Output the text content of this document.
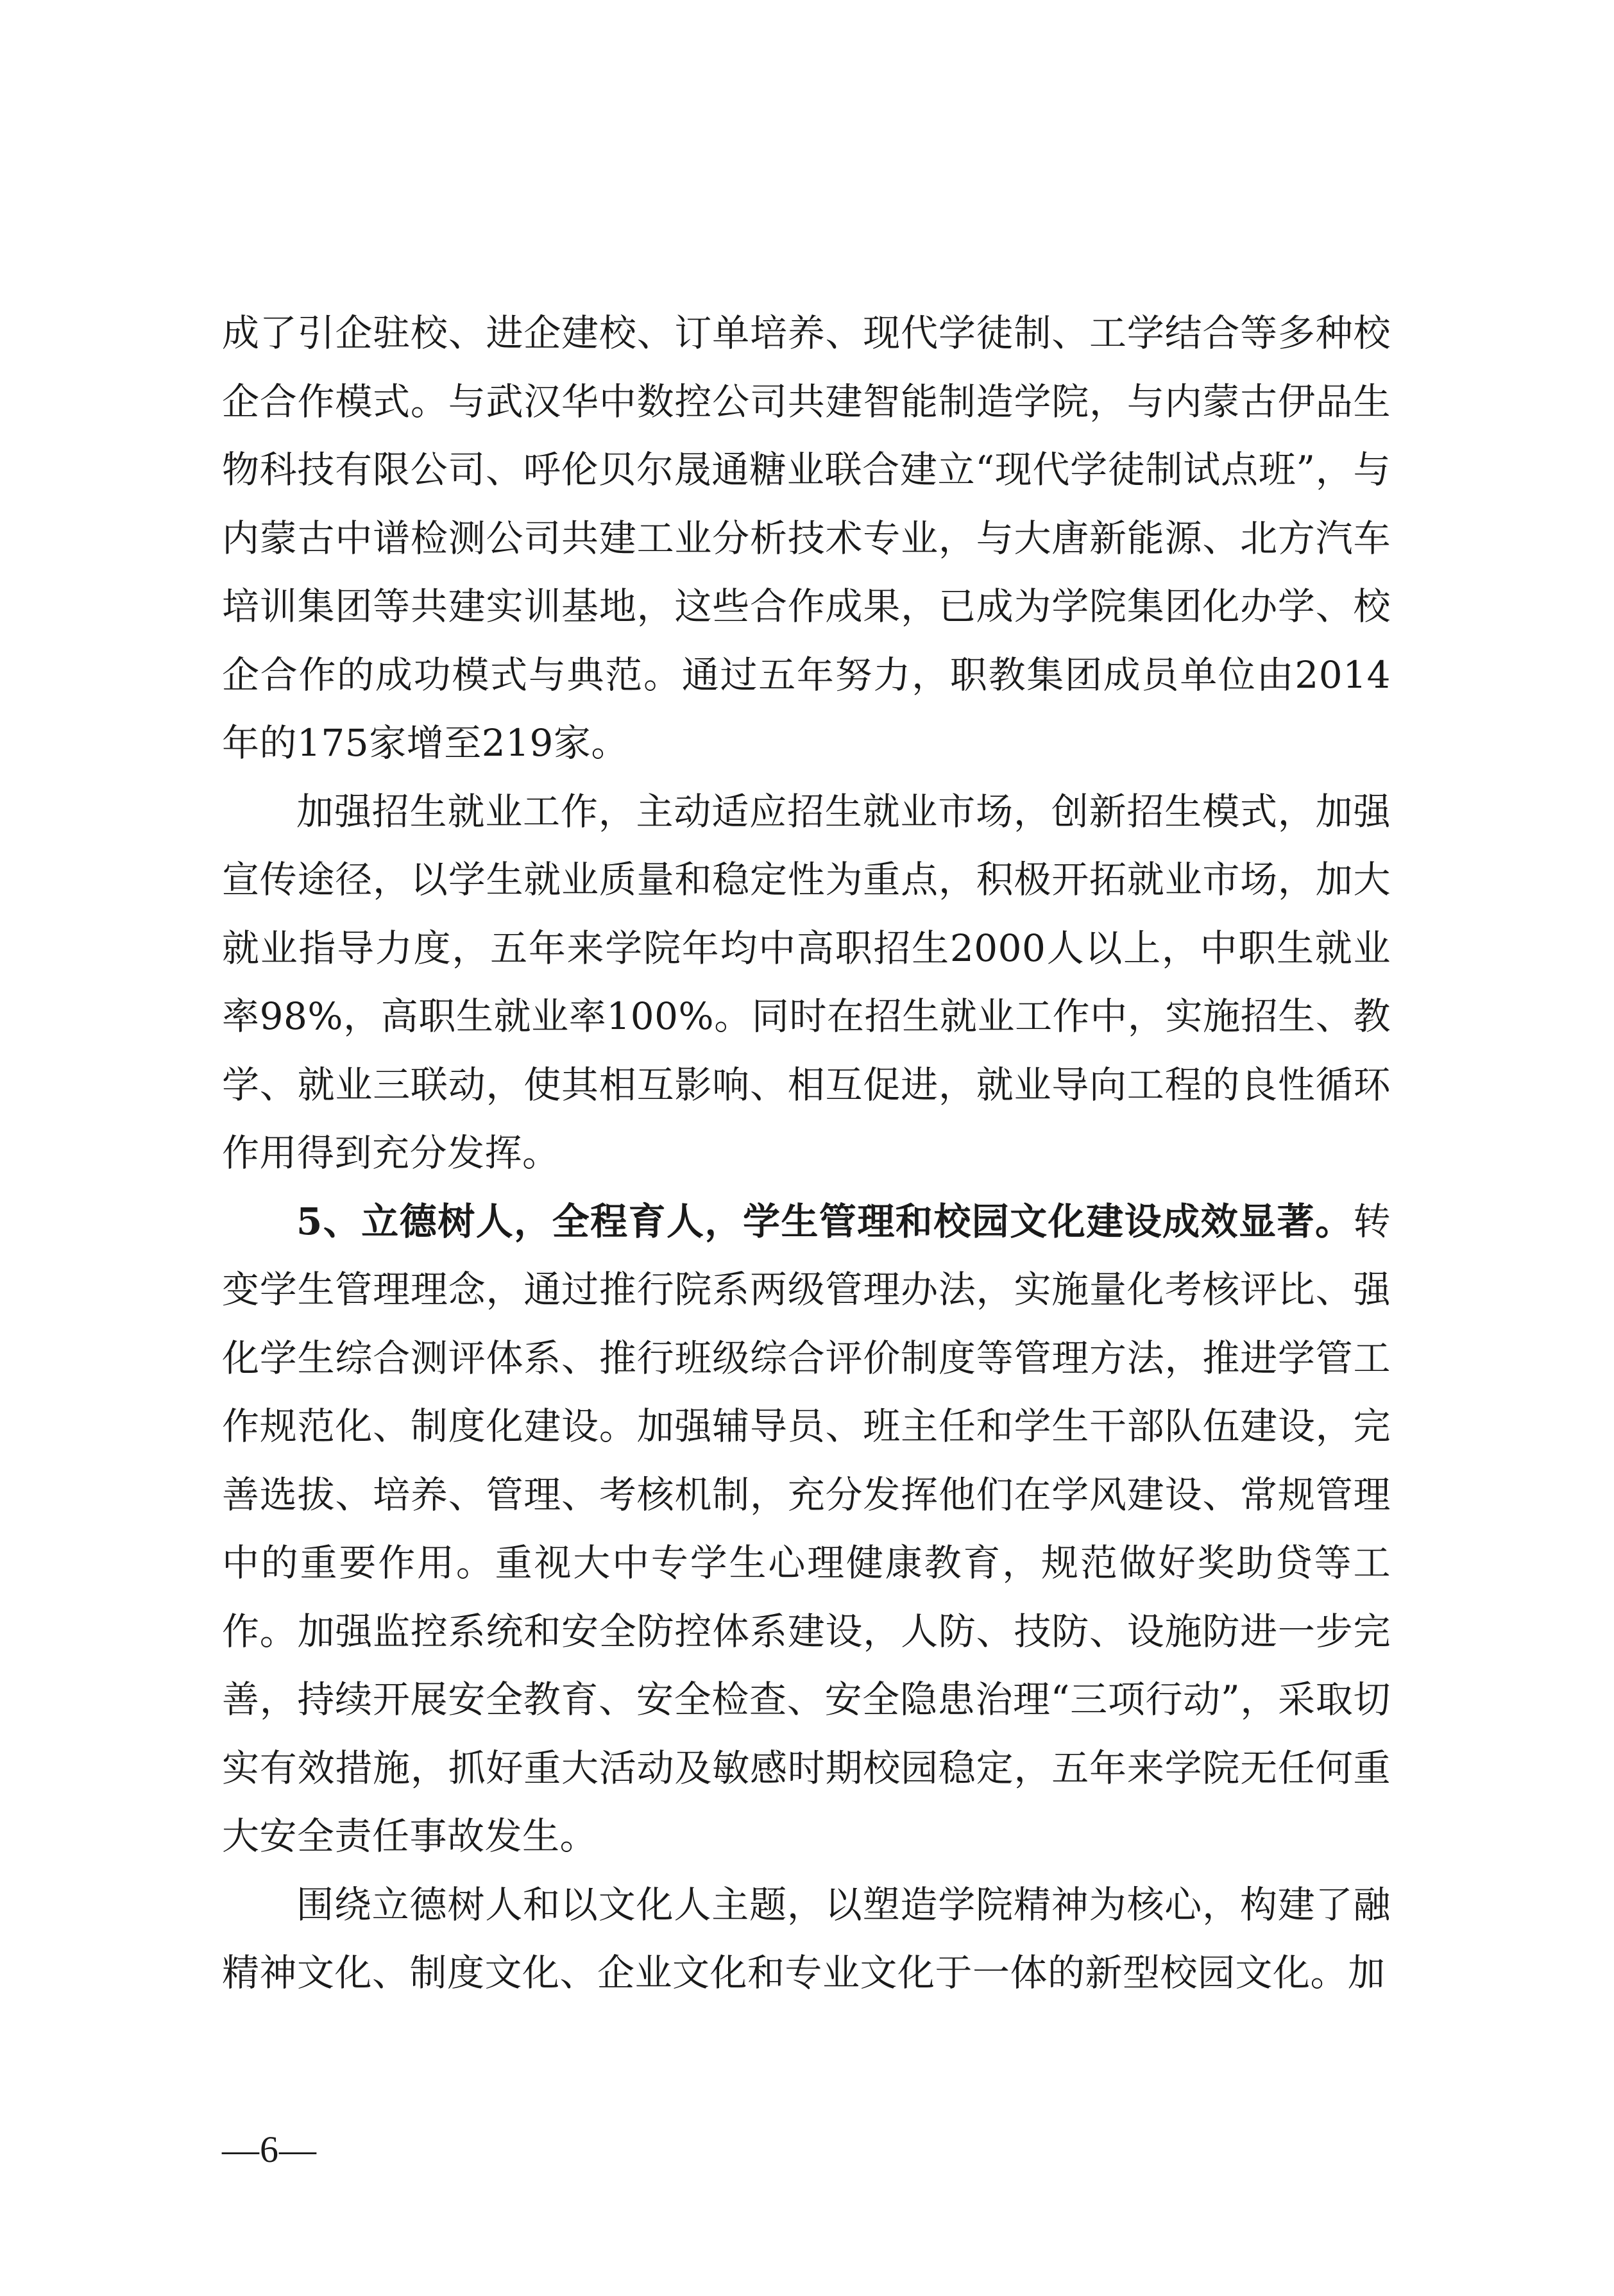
成了引企驻校、进企建校、订单培养、现代学徒制、工学结合等多种校企合作模式。与武汉华中数控公司共建智能制造学院，与内蒙古伊品生物科技有限公司、呼伦贝尔晟通糖业联合建立“现代学徒制试点班”，与内蒙古中谱检测公司共建工业分析技术专业，与大唐新能源、北方汽车培训集团等共建实训基地，这些合作成果，已成为学院集团化办学、校企合作的成功模式与典范。通过五年努力，职教集团成员单位由2014年的175家增至219家。

加强招生就业工作，主动适应招生就业市场，创新招生模式，加强宣传途径，以学生就业质量和稳定性为重点，积极开拓就业市场，加大就业指导力度，五年来学院年均中高职招生2000人以上，中职生就业率98%，高职生就业率100%。同时在招生就业工作中，实施招生、教学、就业三联动，使其相互影响、相互促进，就业导向工程的良性循环作用得到充分发挥。

5、立德树人，全程育人，学生管理和校园文化建设成效显著。转变学生管理理念，通过推行院系两级管理办法，实施量化考核评比、强化学生综合测评体系、推行班级综合评价制度等管理方法，推进学管工作规范化、制度化建设。加强辅导员、班主任和学生干部队伍建设，完善选拔、培养、管理、考核机制，充分发挥他们在学风建设、常规管理中的重要作用。重视大中专学生心理健康教育，规范做好奖助贷等工作。加强监控系统和安全防控体系建设，人防、技防、设施防进一步完善，持续开展安全教育、安全检查、安全隐患治理“三项行动”，采取切实有效措施，抓好重大活动及敏感时期校园稳定，五年来学院无任何重大安全责任事故发生。

围绕立德树人和以文化人主题，以塑造学院精神为核心，构建了融精神文化、制度文化、企业文化和专业文化于一体的新型校园文化。加

—6—
